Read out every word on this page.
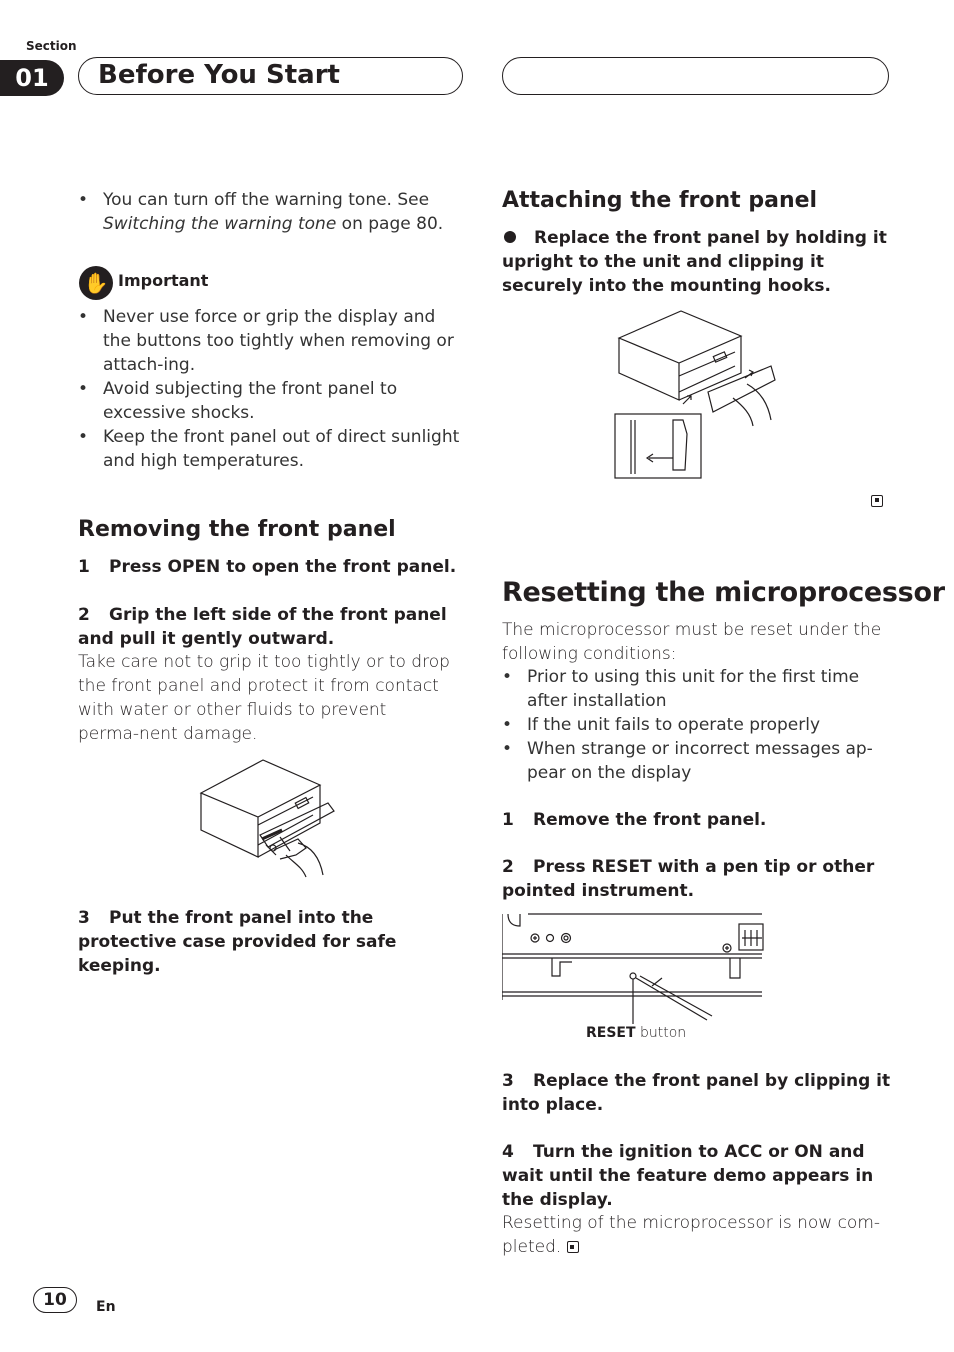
Section
01	Before You Start
• You can turn off the warning tone. See Switching the warning tone on page 80.
✋ Important
• Never use force or grip the display and the buttons too tightly when removing or attach-ing.
• Avoid subjecting the front panel to excessive shocks.
• Keep the front panel out of direct sunlight and high temperatures.
Removing the front panel
1 Press OPEN to open the front panel.
2 Grip the left side of the front panel and pull it gently outward.
Take care not to grip it too tightly or to drop the front panel and protect it from contact with water or other fluids to prevent perma-nent damage.
3 Put the front panel into the protective case provided for safe keeping.
Attaching the front panel
Replace the front panel by holding it upright to the unit and clipping it securely into the mounting hooks.
Resetting the microprocessor
The microprocessor must be reset under the following conditions:
• Prior to using this unit for the first time after installation
• If the unit fails to operate properly
• When strange or incorrect messages ap-pear on the display
1 Remove the front panel.
2 Press RESET with a pen tip or other pointed instrument.
RESET button
3 Replace the front panel by clipping it into place.
4 Turn the ignition to ACC or ON and wait until the feature demo appears in the display.
Resetting of the microprocessor is now com-pleted.
10	En
